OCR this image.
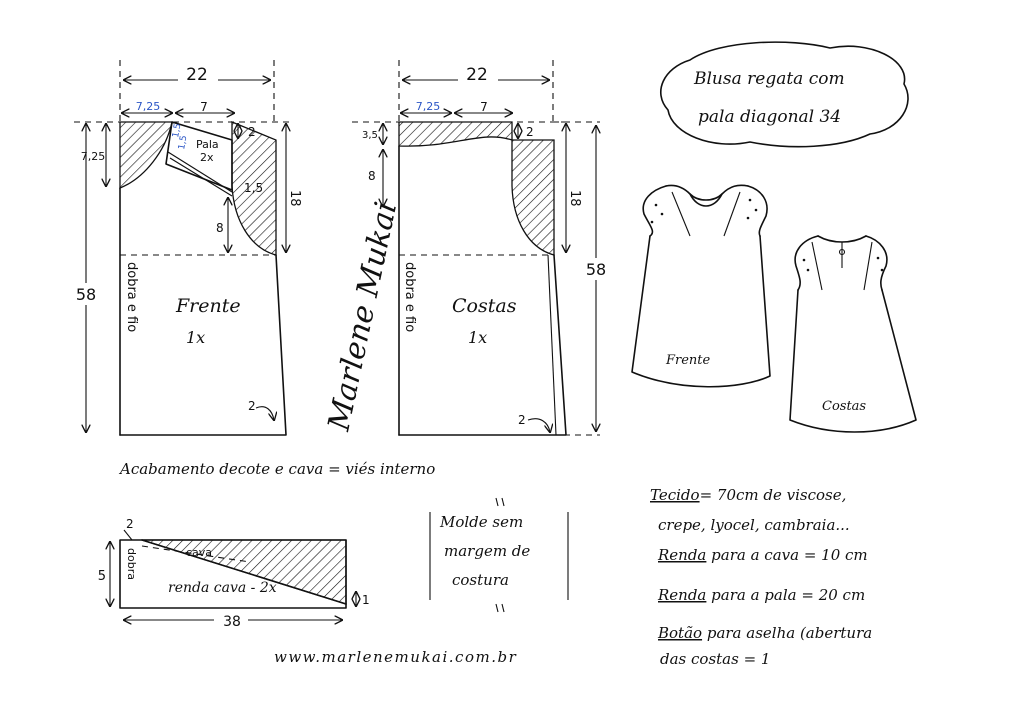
22
7,25	7
Pala
2x
1,5
1,5
7,25
58
2
18
1,5
8
dobra e fio Frente
1x
2 Marlene Mukai
22
7,25	7
3,5
8
2
18
58
dobra e fio Costas
1x
2
Acabamento decote e cava = viés interno
2
cava
renda cava - 2x
dobra
5
1
38
Molde sem
margem de
costura
www.marlenemukai.com.br
Blusa regata com
pala diagonal 34
Frente
Costas
Tecido= 70cm de viscose,
crepe, lyocel, cambraia...
Renda para a cava = 10 cm
Renda para a pala = 20 cm
Botão para aselha (abertura
das costas = 1
